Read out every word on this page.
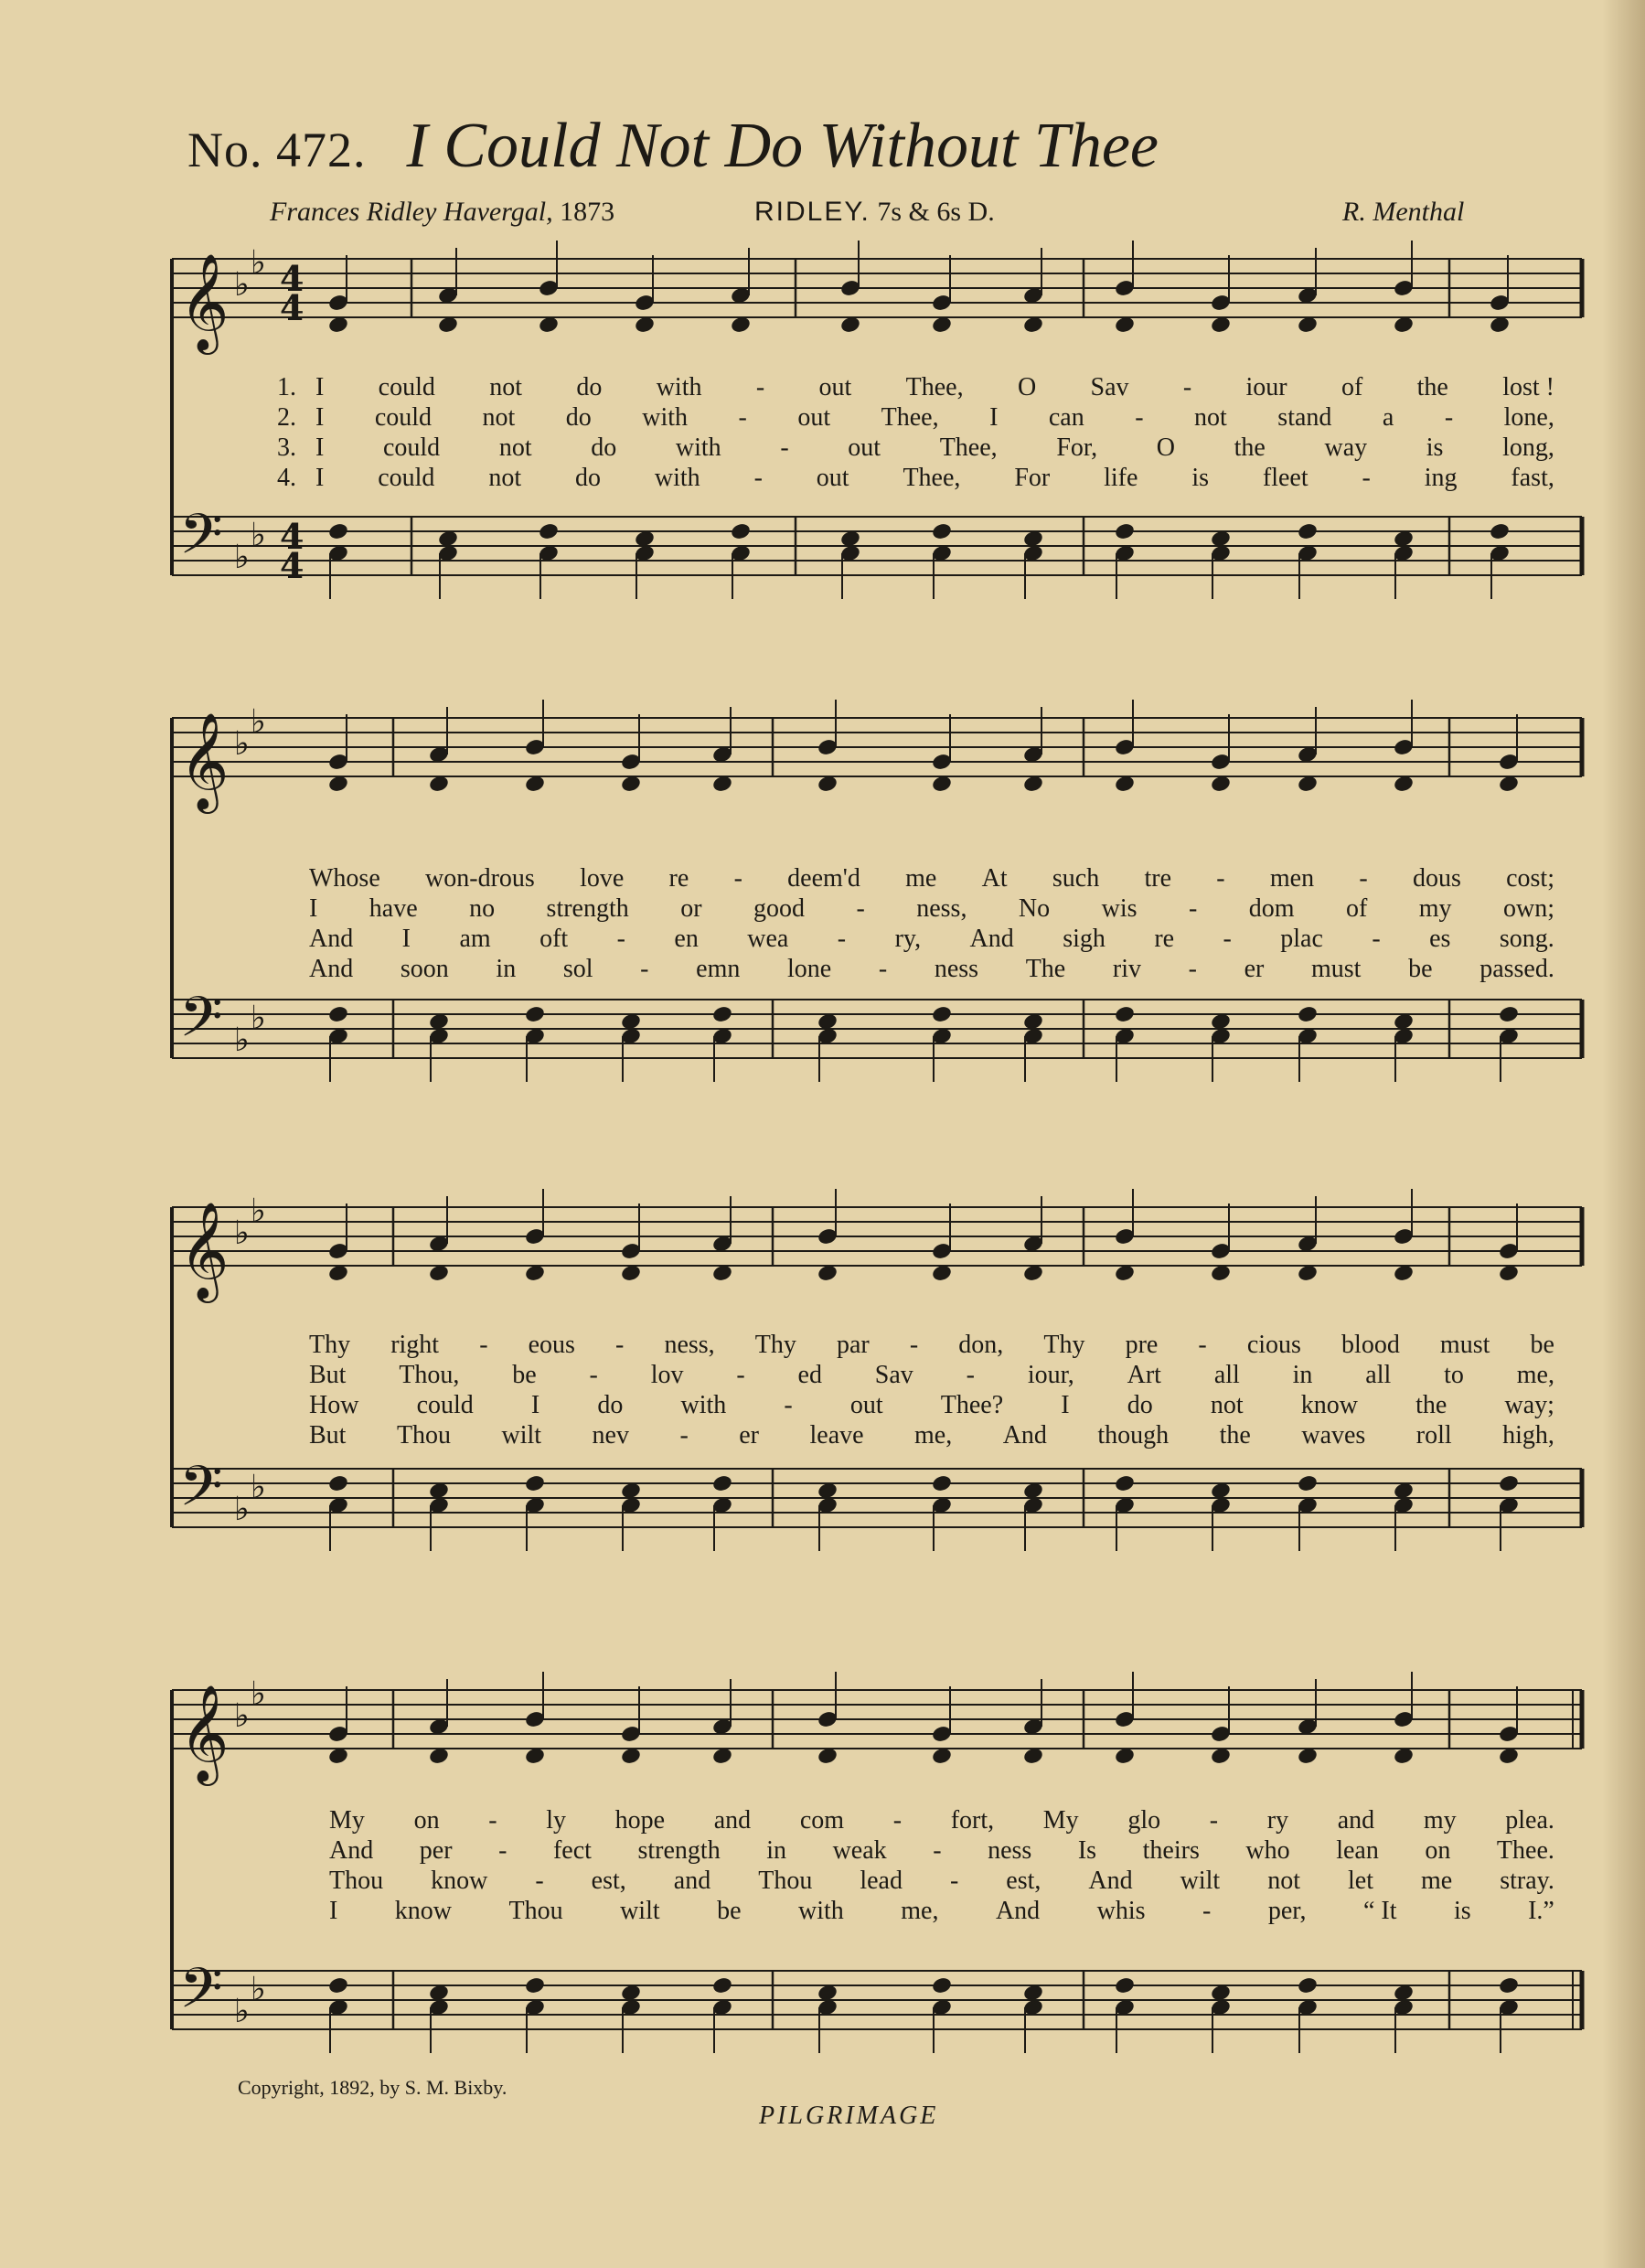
No. 472. I Could Not Do Without Thee
Frances Ridley Havergal, 1873	RIDLEY. 7s & 6s D.	R. Menthal
𝄞
𝄢
♭
♭
♭
♭
4
4
4
4
𝄞
𝄢
♭
♭
♭
♭
𝄞
𝄢
♭
♭
♭
♭
𝄞
𝄢
♭
♭
♭
♭
1. I could not do with - out Thee, O Sav - iour of the lost !
2. I could not do with - out Thee, I can - not stand a - lone,
3. I could not do with - out Thee, For, O the way is long,
4. I could not do with - out Thee, For life is fleet - ing fast,
Whose won-drous love re - deem'd me At such tre - men - dous cost;
I have no strength or good - ness, No wis - dom of my own;
And I am oft - en wea - ry, And sigh re - plac - es song.
And soon in sol - emn lone - ness The riv - er must be passed.
Thy right - eous - ness, Thy par - don, Thy pre - cious blood must be
But Thou, be - lov - ed Sav - iour, Art all in all to me,
How could I do with - out Thee? I do not know the way;
But Thou wilt nev - er leave me, And though the waves roll high,
My on - ly hope and com - fort, My glo - ry and my plea.
And per - fect strength in weak - ness Is theirs who lean on Thee.
Thou know - est, and Thou lead - est, And wilt not let me stray.
I know Thou wilt be with me, And whis - per, “ It is I.”
Copyright, 1892, by S. M. Bixby.
PILGRIMAGE
